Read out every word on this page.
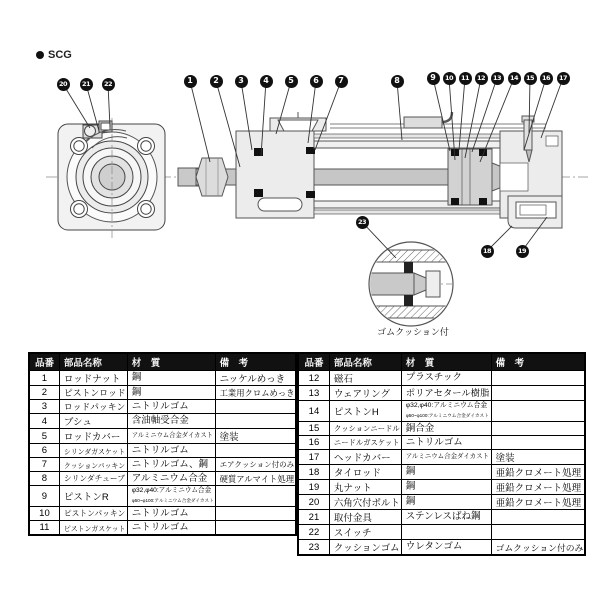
SCG
ゴムクッション付
20	21	22	1	2	3	4	5	6	7	8	9	10	11	12	13	14	15	16	17
18	19
23
品番	部品名称	材　質	備　考
1	ロッドナット	鋼	ニッケルめっき
2	ピストンロッド	鋼	工業用クロムめっき
3	ロッドパッキン	ニトリルゴム	

4	ブシュ	含油軸受合金	

5	ロッドカバー	アルミニウム合金ダイカスト	塗装
6	シリンダガスケット	ニトリルゴム	

7	クッションパッキン	ニトリルゴム、鋼	エアクッション付のみ
8	シリンダチューブ	アルミニウム合金	硬質アルマイト処理
9	ピストンR	φ32,φ40:アルミニウム合金
φ50~φ100:アルミニウム合金ダイカスト	

10	ピストンパッキン	ニトリルゴム	

11	ピストンガスケット	ニトリルゴム	

品番	部品名称	材　質	備　考
12	磁石	プラスチック	

13	ウェアリング	ポリアセタール樹脂	

14	ピストンH	φ32,φ40:アルミニウム合金
φ50~φ100:アルミニウム合金ダイカスト	

15	クッションニードル	銅合金	

16	ニードルガスケット	ニトリルゴム	

17	ヘッドカバー	アルミニウム合金ダイカスト	塗装
18	タイロッド	鋼	亜鉛クロメート処理
19	丸ナット	鋼	亜鉛クロメート処理
20	六角穴付ボルト	鋼	亜鉛クロメート処理
21	取付金具	ステンレスばね鋼	

22	スイッチ	

23	クッションゴム	ウレタンゴム	ゴムクッション付のみ
